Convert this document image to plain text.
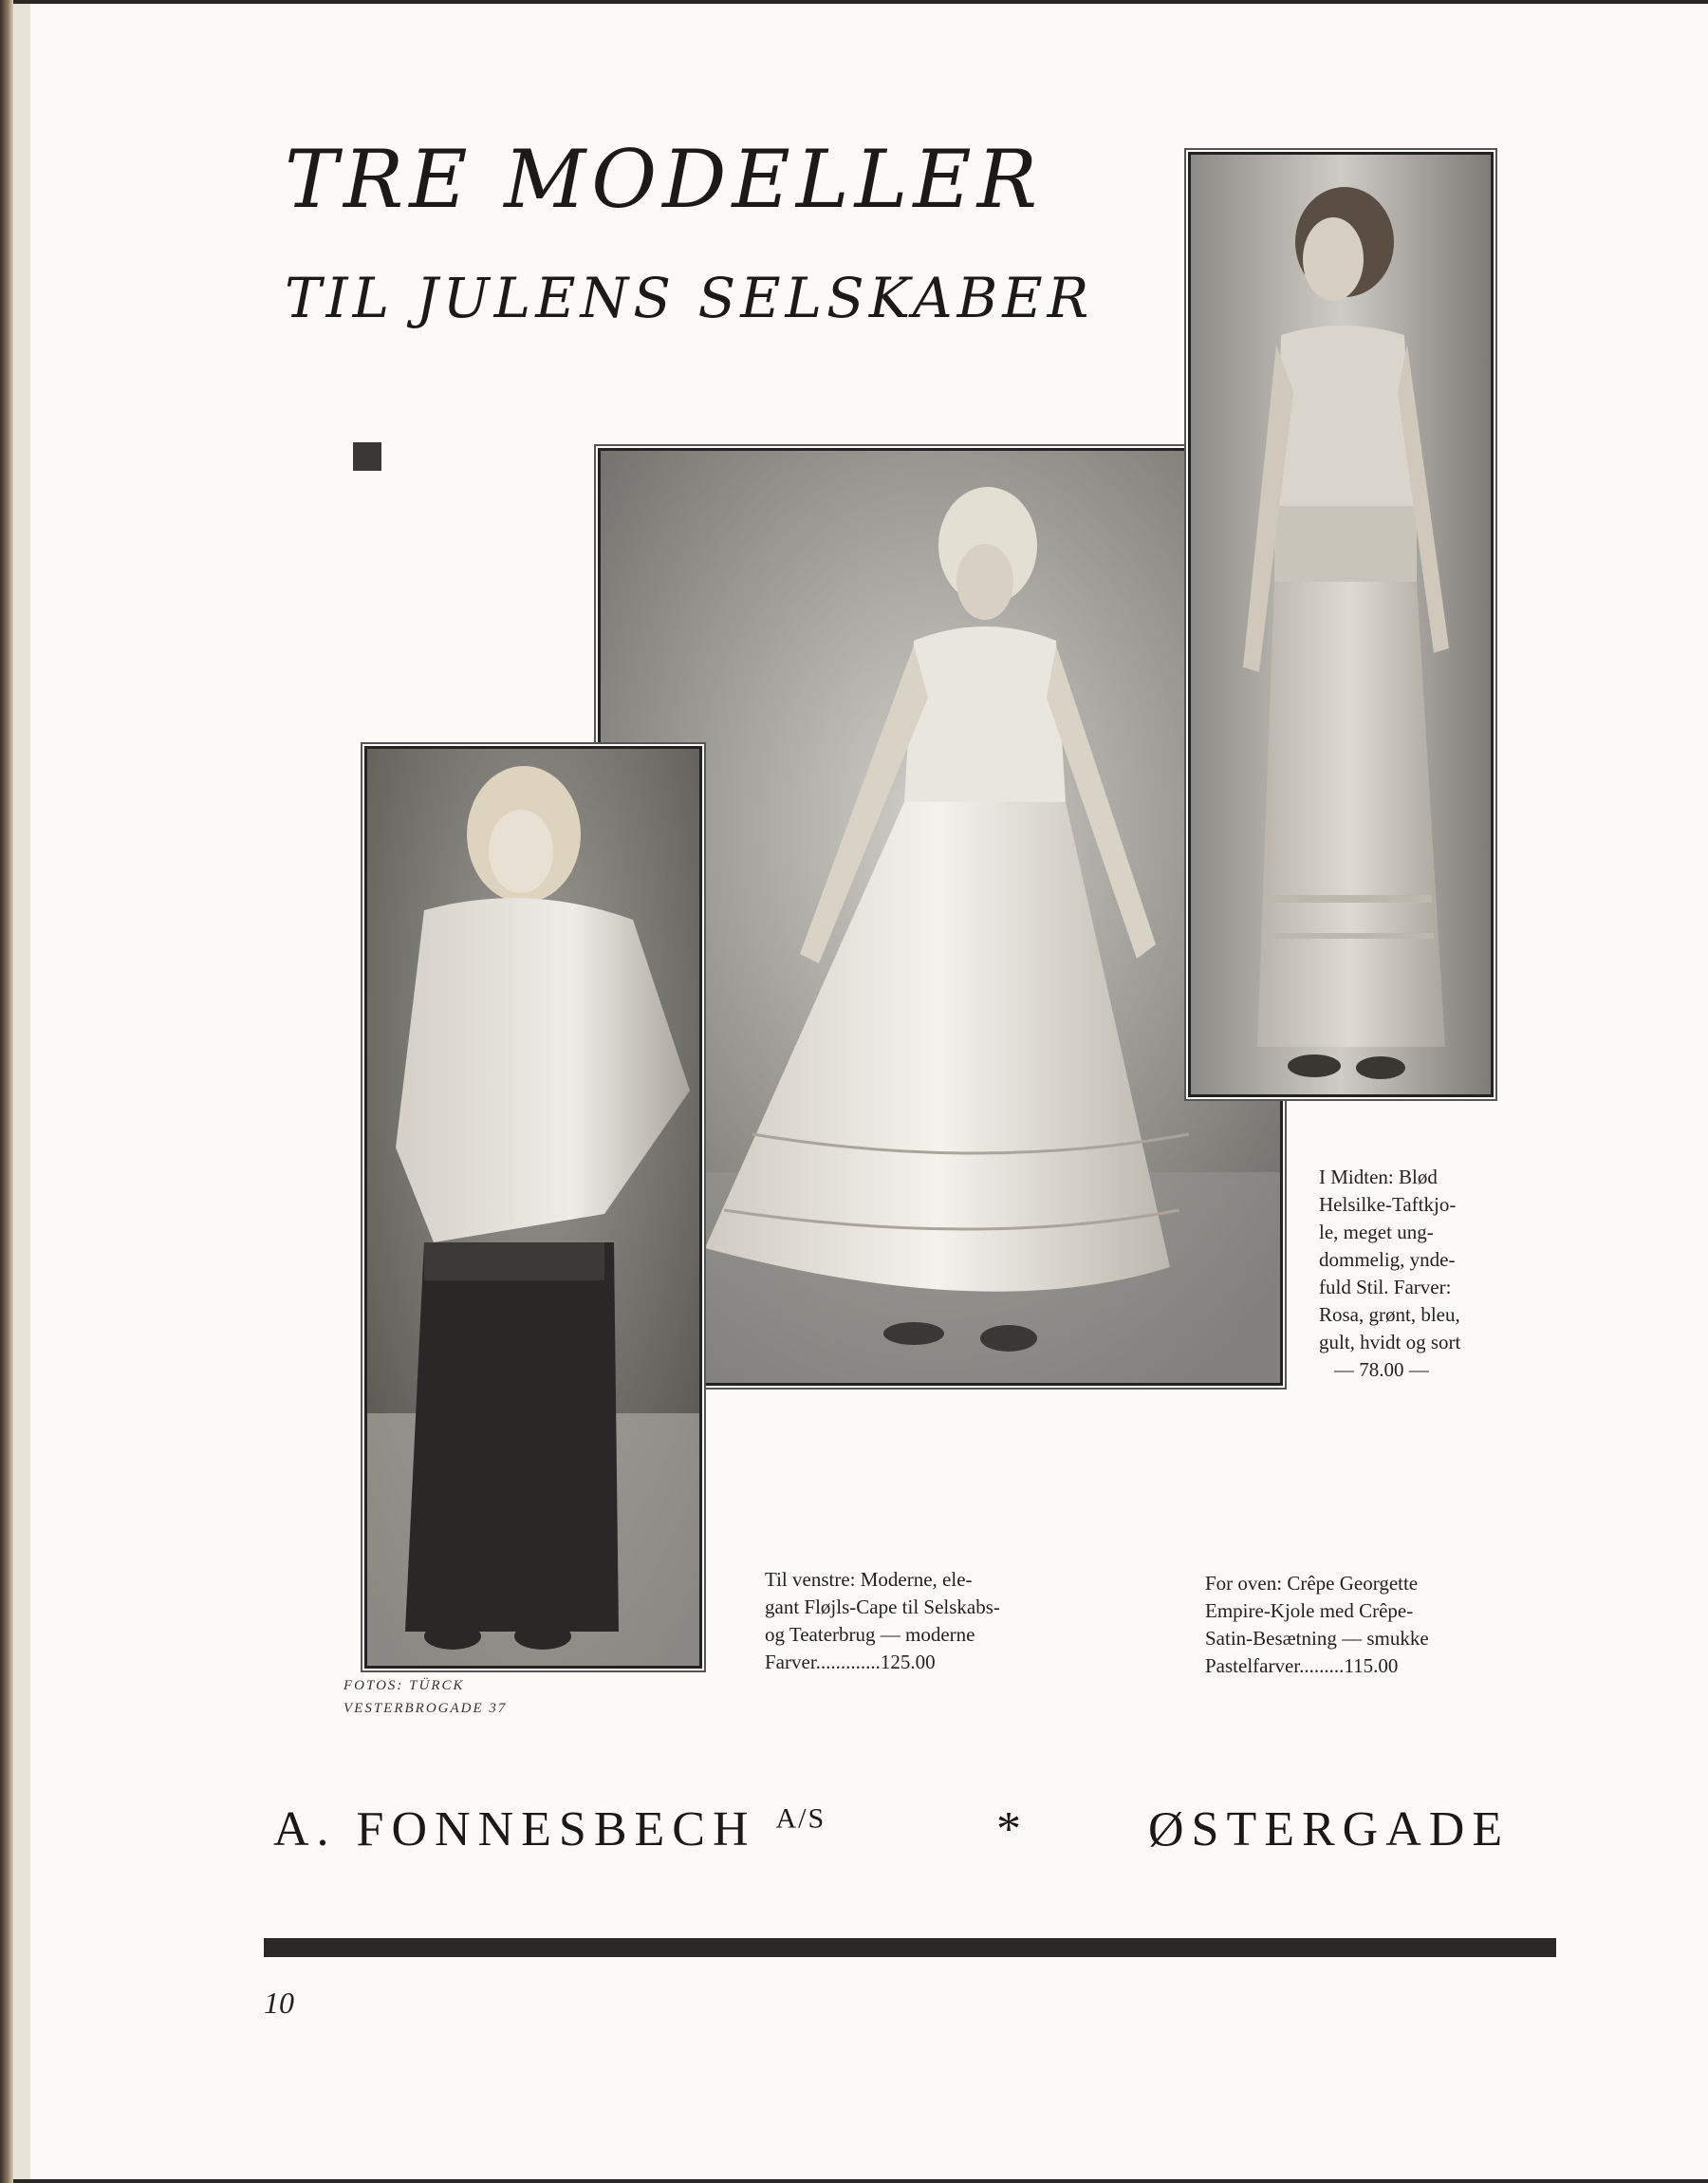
TRE MODELLER
TIL JULENS SELSKABER
I Midten: Blød
Helsilke-Taftkjo-
le, meget ung-
dommelig, ynde-
fuld Stil. Farver:
Rosa, grønt, bleu,
gult, hvidt og sort
— 78.00 —
Til venstre: Moderne, ele-
gant Fløjls-Cape til Selskabs-
og Teaterbrug — moderne
Farver.............125.00
For oven: Crêpe Georgette
Empire-Kjole med Crêpe-
Satin-Besætning — smukke
Pastelfarver.........115.00
FOTOS: TÜRCK
VESTERBROGADE 37
A. FONNESBECH $^{A/S}$	*	ØSTERGADE
10
